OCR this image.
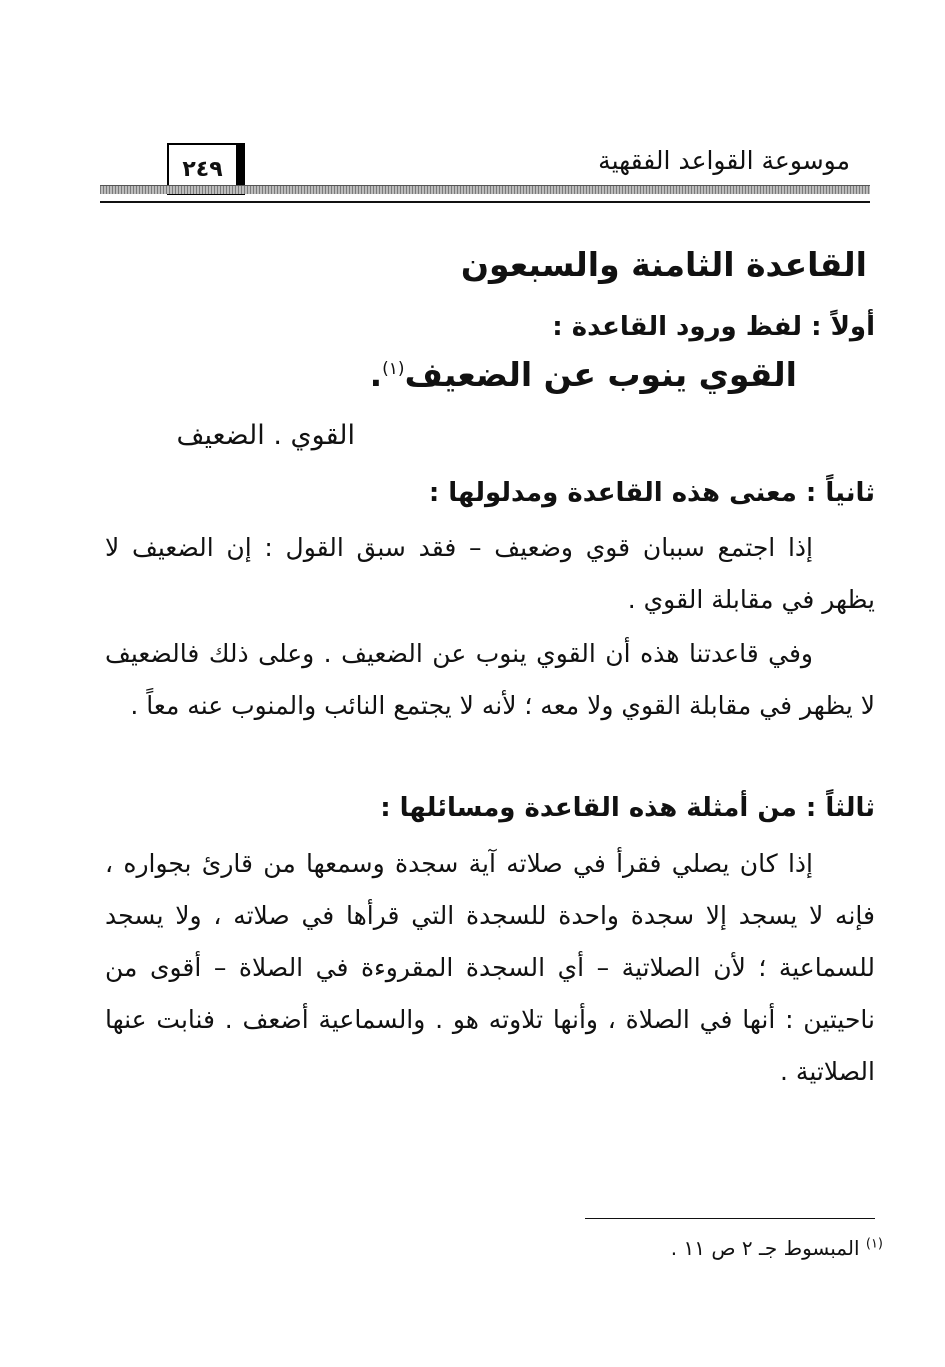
موسوعة القواعد الفقهية
٢٤٩
القاعدة الثامنة والسبعون
أولاً : لفظ ورود القاعدة :
القوي ينوب عن الضعيف$^{(١)}$.
القوي . الضعيف
ثانياً : معنى هذه القاعدة ومدلولها :

إذا اجتمع سببان قوي وضعيف – فقد سبق القول : إن الضعيف لا يظهر في مقابلة القوي .

وفي قاعدتنا هذه أن القوي ينوب عن الضعيف . وعلى ذلك فالضعيف لا يظهر في مقابلة القوي ولا معه ؛ لأنه لا يجتمع النائب والمنوب عنه معاً .

ثالثاً : من أمثلة هذه القاعدة ومسائلها :

إذا كان يصلي فقرأ في صلاته آية سجدة وسمعها من قارئ بجواره ، فإنه لا يسجد إلا سجدة واحدة للسجدة التي قرأها في صلاته ، ولا يسجد للسماعية ؛ لأن الصلاتية – أي السجدة المقروءة في الصلاة – أقوى من ناحيتين : أنها في الصلاة ، وأنها تلاوته هو . والسماعية أضعف . فنابت عنها الصلاتية .

$^{(١)}$ المبسوط جـ ٢ ص ١١ .
